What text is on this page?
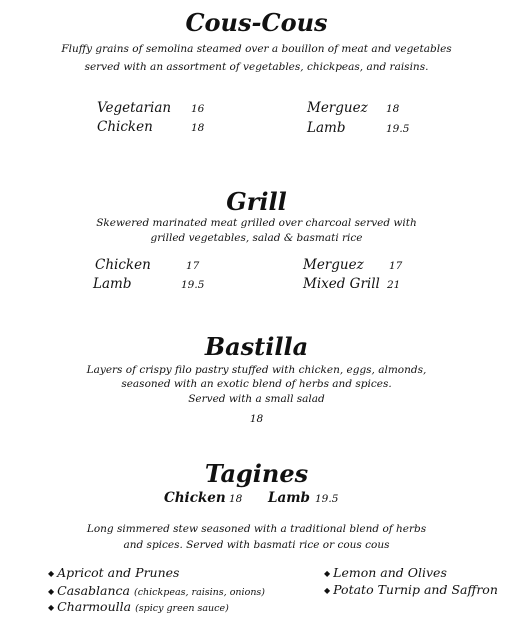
Cous-Cous
Fluffy grains of semolina steamed over a bouillon of meat and vegetables
served with an assortment of vegetables, chickpeas, and raisins.
Vegetarian 16
Chicken	18
Merguez 18
Lamb	19.5
Grill
Skewered marinated meat grilled over charcoal served with
grilled vegetables, salad & basmati rice
Chicken	17
Lamb	19.5
Merguez 17
Mixed Grill 21
Bastilla
Layers of crispy filo pastry stuffed with chicken, eggs, almonds,
seasoned with an exotic blend of herbs and spices.
Served with a small salad
18
Tagines
Chicken 18 Lamb 19.5
Long simmered stew seasoned with a traditional blend of herbs
and spices. Served with basmati rice or cous cous
◆ Apricot and Prunes
◆ Casablanca (chickpeas, raisins, onions)
◆ Charmoulla (spicy green sauce)
◆ Lemon and Olives
◆ Potato Turnip and Saffron
